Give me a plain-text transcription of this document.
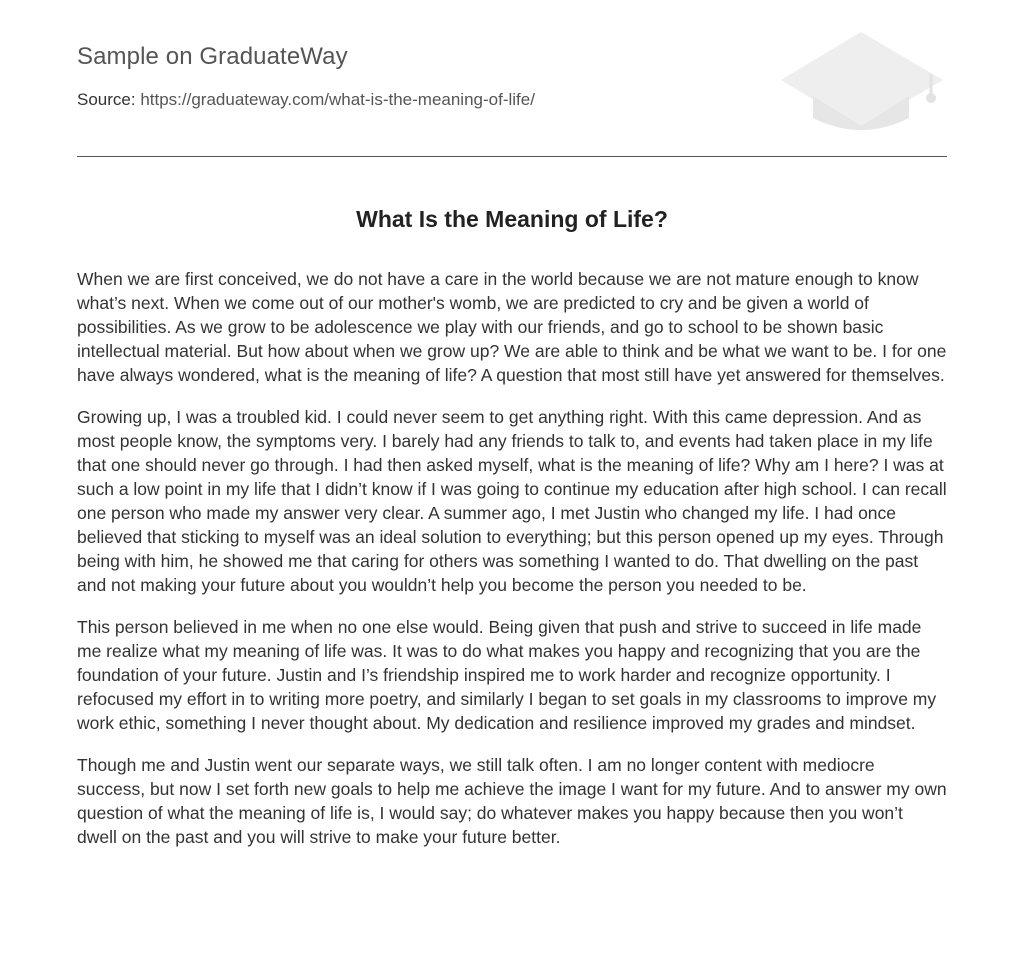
Sample on GraduateWay
Source: https://graduateway.com/what-is-the-meaning-of-life/
What Is the Meaning of Life?

When we are first conceived, we do not have a care in the world because we are not mature enough to know what’s next. When we come out of our mother's womb, we are predicted to cry and be given a world of possibilities. As we grow to be adolescence we play with our friends, and go to school to be shown basic intellectual material. But how about when we grow up? We are able to think and be what we want to be. I for one have always wondered, what is the meaning of life? A question that most still have yet answered for themselves.

Growing up, I was a troubled kid. I could never seem to get anything right. With this came depression. And as most people know, the symptoms very. I barely had any friends to talk to, and events had taken place in my life that one should never go through. I had then asked myself, what is the meaning of life? Why am I here? I was at such a low point in my life that I didn’t know if I was going to continue my education after high school. I can recall one person who made my answer very clear. A summer ago, I met Justin who changed my life. I had once believed that sticking to myself was an ideal solution to everything; but this person opened up my eyes. Through being with him, he showed me that caring for others was something I wanted to do. That dwelling on the past and not making your future about you wouldn’t help you become the person you needed to be.

This person believed in me when no one else would. Being given that push and strive to succeed in life made me realize what my meaning of life was. It was to do what makes you happy and recognizing that you are the foundation of your future. Justin and I’s friendship inspired me to work harder and recognize opportunity. I refocused my effort in to writing more poetry, and similarly I began to set goals in my classrooms to improve my work ethic, something I never thought about. My dedication and resilience improved my grades and mindset.

Though me and Justin went our separate ways, we still talk often. I am no longer content with mediocre success, but now I set forth new goals to help me achieve the image I want for my future. And to answer my own question of what the meaning of life is, I would say; do whatever makes you happy because then you won’t dwell on the past and you will strive to make your future better.
